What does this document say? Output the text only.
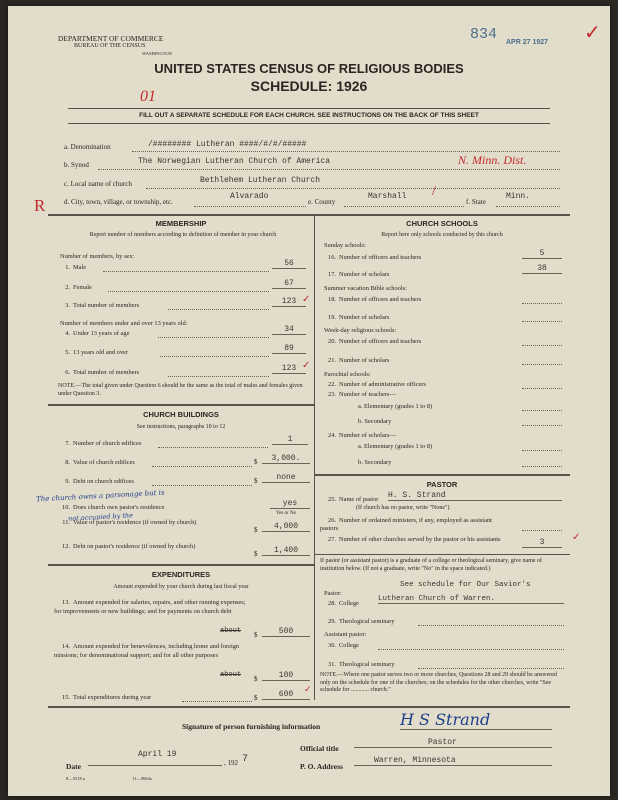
DEPARTMENT OF COMMERCE
BUREAU OF THE CENSUS
WASHINGTON
834 APR 27 1927 ✓
UNITED STATES CENSUS OF RELIGIOUS BODIES
SCHEDULE: 1926
01
FILL OUT A SEPARATE SCHEDULE FOR EACH CHURCH. SEE INSTRUCTIONS ON THE BACK OF THIS SHEET
a. Denomination	/######## Lutheran ####/#/#/#####
b. Synod	The Norwegian Lutheran Church of America	N. Minn. Dist.
c. Local name of church	Bethlehem Lutheran Church
R	d. City, town, village, or township, etc.
Alvarado
e. County
Marshall /
f. State
Minn.
MEMBERSHIP
Report number of members according to definition of member in your church
Number of members, by sex:
1. Male	56
2. Female	67
3. Total number of members	123 ✓
Number of members under and over 13 years old:
4. Under 13 years of age	34
5. 13 years old and over	89
6. Total number of members	123 ✓
NOTE.—The total given under Question 6 should be the same as the total of males and females given under Question 3.
CHURCH BUILDINGS
See instructions, paragraphs 10 to 12
7. Number of church edifices	1
8. Value of church edifices	$	3,000.
9. Debt on church edifices	$	none
The church owns a parsonage but is
not occupied by the
10. Does church own pastor's residence	yes
Yes or No
11. Value of pastor's residence (if owned by church)
$	4,000
12. Debt on pastor's residence (if owned by church)
$	1,400
EXPENDITURES
Amount expended by your church during last fiscal year
13. Amount expended for salaries, repairs, and other running expenses; for improvements or new buildings; and for payments on church debt
about $	500
14. Amount expended for benevolences, including home and foreign missions; for denominational support; and for all other purposes
about $	100
15. Total expenditures during year	$	600
✓
CHURCH SCHOOLS
Report here only schools conducted by this church
Sunday schools:
16. Number of officers and teachers	5
17. Number of scholars
38
Summer vacation Bible schools:
18. Number of officers and teachers
19. Number of scholars
Week-day religious schools:
20. Number of officers and teachers
21. Number of scholars
Parochial schools:
22. Number of administrative officers
23. Number of teachers—
a. Elementary (grades 1 to 8)
b. Secondary
24. Number of scholars—
a. Elementary (grades 1 to 8)
b. Secondary
PASTOR
25. Name of pastor H. S. Strand
(If church has no pastor, write "None")
26. Number of ordained ministers, if any, employed as assistant pastors
27. Number of other churches served by the pastor or his assistants	3	✓
If pastor (or assistant pastor) is a graduate of a college or theological seminary, give name of institution below. (If not a graduate, write "No" in the space indicated.)
Pastor:
See schedule for Our Savior's
28. College
Lutheran Church of Warren.
29. Theological seminary
Assistant pastor:
30. College
31. Theological seminary
NOTE.—Where one pastor serves two or more churches, Questions 28 and 29 should be answered only on the schedule for one of the churches; on the schedules for the other churches, write "See schedule for ............ church."
Signature of person furnishing information	H S Strand
Official title
Pastor
Date
April 19
, 192 7
P. O. Address
Warren, Minnesota
8—5518 a	11—9664x
